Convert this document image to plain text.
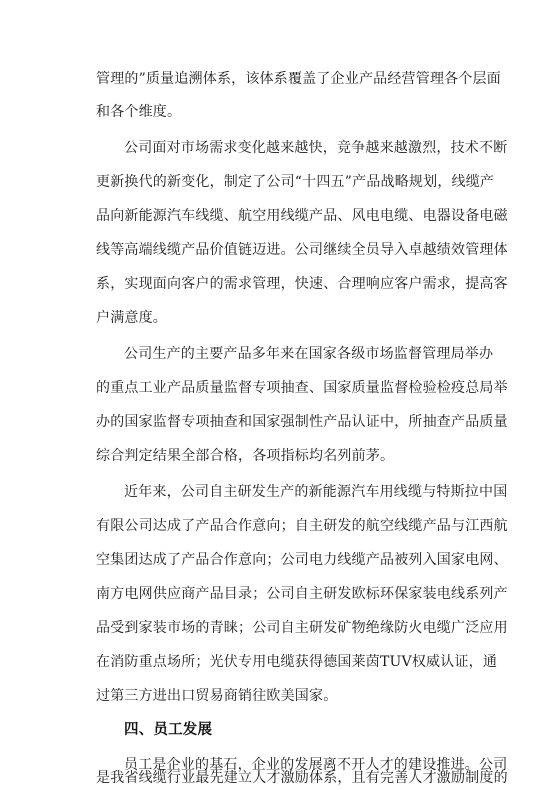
管理的”质量追溯体系，该体系覆盖了企业产品经营管理各个层面
和各个维度。
公司面对市场需求变化越来越快，竞争越来越激烈，技术不断
更新换代的新变化，制定了公司“十四五”产品战略规划，线缆产
品向新能源汽车线缆、航空用线缆产品、风电电缆、电器设备电磁
线等高端线缆产品价值链迈进。公司继续全员导入卓越绩效管理体
系，实现面向客户的需求管理，快速、合理响应客户需求，提高客
户满意度。
公司生产的主要产品多年来在国家各级市场监督管理局举办
的重点工业产品质量监督专项抽查、国家质量监督检验检疫总局举
办的国家监督专项抽查和国家强制性产品认证中，所抽查产品质量
综合判定结果全部合格，各项指标均名列前茅。
近年来，公司自主研发生产的新能源汽车用线缆与特斯拉中国
有限公司达成了产品合作意向；自主研发的航空线缆产品与江西航
空集团达成了产品合作意向；公司电力线缆产品被列入国家电网、
南方电网供应商产品目录；公司自主研发欧标环保家装电线系列产
品受到家装市场的青睐；公司自主研发矿物绝缘防火电缆广泛应用
在消防重点场所；光伏专用电缆获得德国莱茵TUV权威认证，通
过第三方进出口贸易商销往欧美国家。
四、员工发展
员工是企业的基石，企业的发展离不开人才的建设推进。公司
是我省线缆行业最先建立人才激励体系，且有完善人才激励制度的
